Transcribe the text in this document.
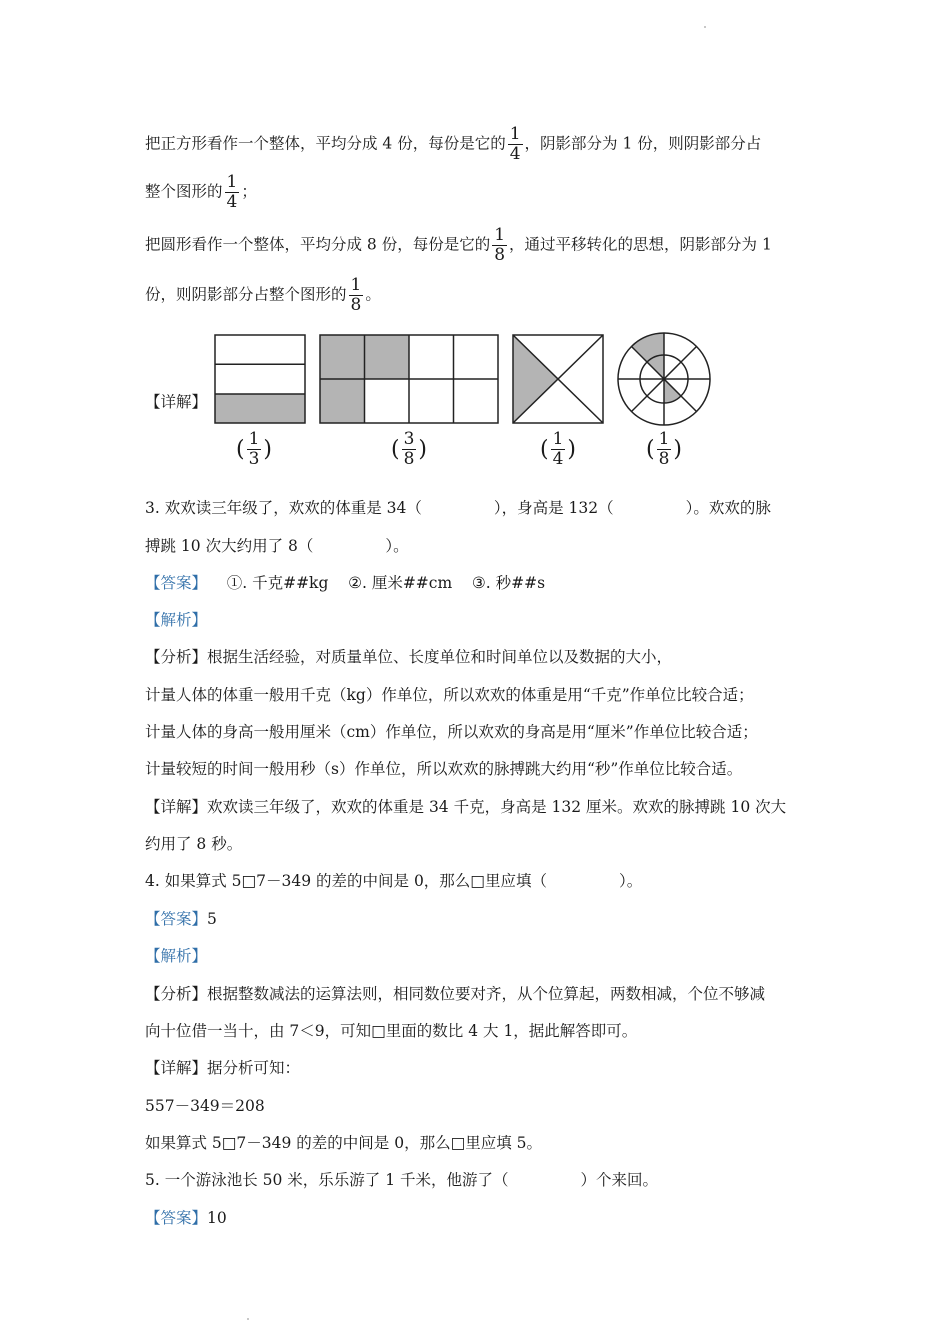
把正方形看作一个整体，平均分成 4 份，每份是它的 $\frac{1}{4}$ ，阴影部分为 1 份，则阴影部分占
整个图形的 $\frac{1}{4}$ ；
把圆形看作一个整体，平均分成 8 份，每份是它的 $\frac{1}{8}$ ，通过平移转化的思想，阴影部分为 1
份，则阴影部分占整个图形的 $\frac{1}{8}$ 。
【详解】
( $\frac{1}{3}$ )	( $\frac{3}{8}$ )	( $\frac{1}{4}$ )	( $\frac{1}{8}$ )
3. 欢欢读三年级了，欢欢的体重是 34（	），身高是 132（	）。欢欢的脉
搏跳 10 次大约用了 8（	）。
【答案】    ①. 千克##kg    ②. 厘米##cm    ③. 秒##s
【解析】
【分析】根据生活经验，对质量单位、长度单位和时间单位以及数据的大小，
计量人体的体重一般用千克（kg）作单位，所以欢欢的体重是用“千克”作单位比较合适；
计量人体的身高一般用厘米（cm）作单位，所以欢欢的身高是用“厘米”作单位比较合适；
计量较短的时间一般用秒（s）作单位，所以欢欢的脉搏跳大约用“秒”作单位比较合适。
【详解】欢欢读三年级了，欢欢的体重是 34 千克，身高是 132 厘米。欢欢的脉搏跳 10 次大
约用了 8 秒。
4. 如果算式 5□7－349 的差的中间是 0，那么□里应填（	）。
【答案】5
【解析】
【分析】根据整数减法的运算法则，相同数位要对齐，从个位算起，两数相减，个位不够减
向十位借一当十，由 7＜9，可知□里面的数比 4 大 1，据此解答即可。
【详解】据分析可知：
557－349＝208
如果算式 5□7－349 的差的中间是 0，那么□里应填 5。
5. 一个游泳池长 50 米，乐乐游了 1 千米，他游了（	）个来回。
【答案】10
